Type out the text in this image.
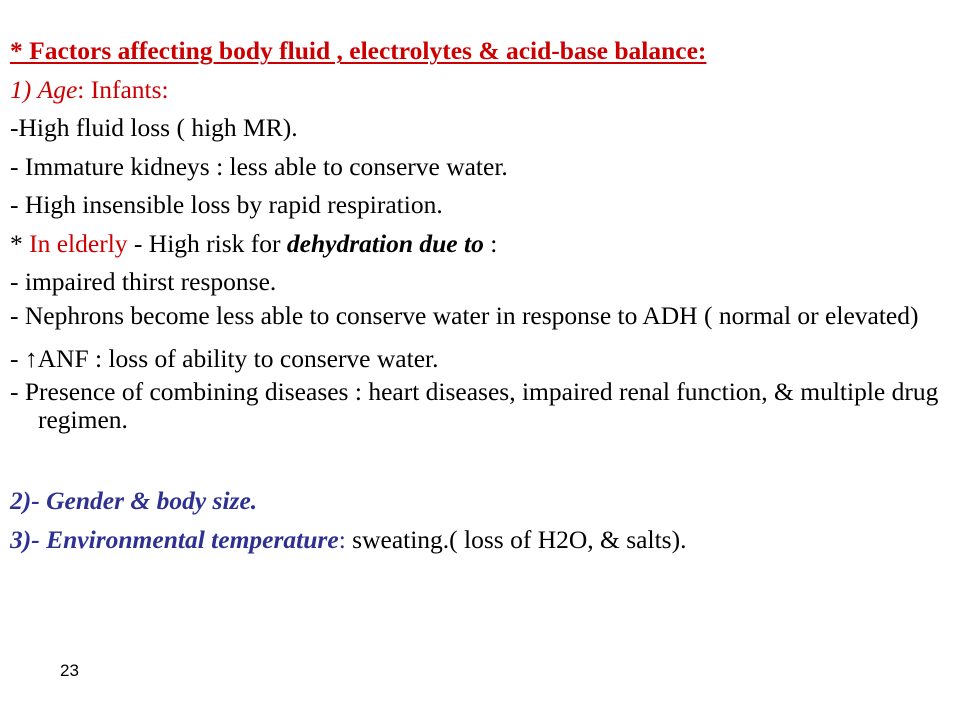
* Factors affecting body fluid , electrolytes & acid-base balance:

1) Age: Infants:

-High fluid loss ( high MR).

- Immature kidneys : less able to conserve water.

- High insensible loss by rapid respiration.

* In elderly - High risk for dehydration due to :

- impaired thirst response.

- Nephrons become less able to conserve water in response to ADH ( normal or elevated)

- ↑ANF : loss of ability to conserve water.

- Presence of combining diseases : heart diseases, impaired renal function, & multiple drug regimen.

2)- Gender & body size.

3)- Environmental temperature: sweating.( loss of H2O, & salts).

23
